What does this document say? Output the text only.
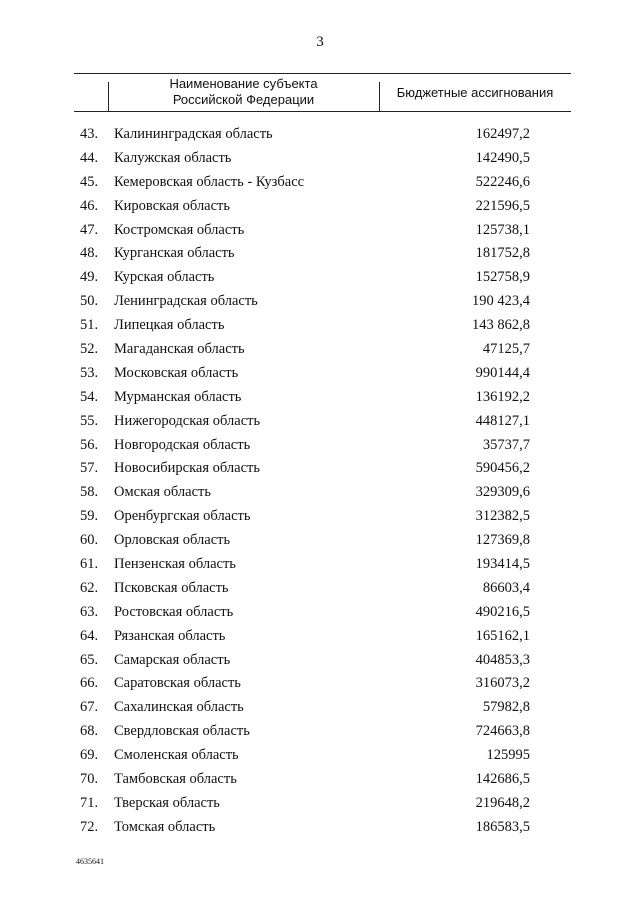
3
Наименование субъекта
Российской Федерации	Бюджетные ассигнования
43. Калининградская область	162497,2
44. Калужская область	142490,5
45. Кемеровская область - Кузбасс	522246,6
46. Кировская область	221596,5
47. Костромская область	125738,1
48. Курганская область	181752,8
49. Курская область	152758,9
50. Ленинградская область	190 423,4
51. Липецкая область	143 862,8
52. Магаданская область	47125,7
53. Московская область	990144,4
54. Мурманская область	136192,2
55. Нижегородская область	448127,1
56. Новгородская область	35737,7
57. Новосибирская область	590456,2
58. Омская область	329309,6
59. Оренбургская область	312382,5
60. Орловская область	127369,8
61. Пензенская область	193414,5
62. Псковская область	86603,4
63. Ростовская область	490216,5
64. Рязанская область	165162,1
65. Самарская область	404853,3
66. Саратовская область	316073,2
67. Сахалинская область	57982,8
68. Свердловская область	724663,8
69. Смоленская область	125995
70. Тамбовская область	142686,5
71. Тверская область	219648,2
72. Томская область	186583,5
4635641
